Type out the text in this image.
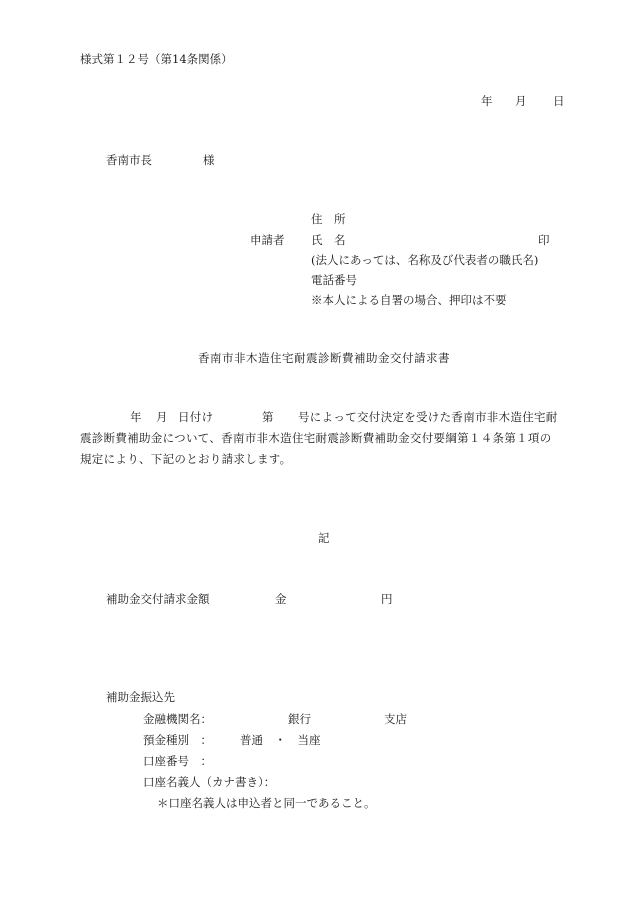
様式第１２号（第14条関係）
年 月 日
香南市長	様
住　所
申請者 氏　名	印
(法人にあっては、名称及び代表者の職氏名)
電話番号
※本人による自署の場合、押印は不要
香南市非木造住宅耐震診断費補助金交付請求書
年 月 日付け	第 号によって交付決定を受けた香南市非木造住宅耐
震診断費補助金について、香南市非木造住宅耐震診断費補助金交付要綱第１４条第１項の
規定により、下記のとおり請求します。
記
補助金交付請求金額	金	円
補助金振込先
金融機関名：	銀行	支店
預金種別　： 普通　・　当座
口座番号　：
口座名義人（カナ書き）：
＊口座名義人は申込者と同一であること。
